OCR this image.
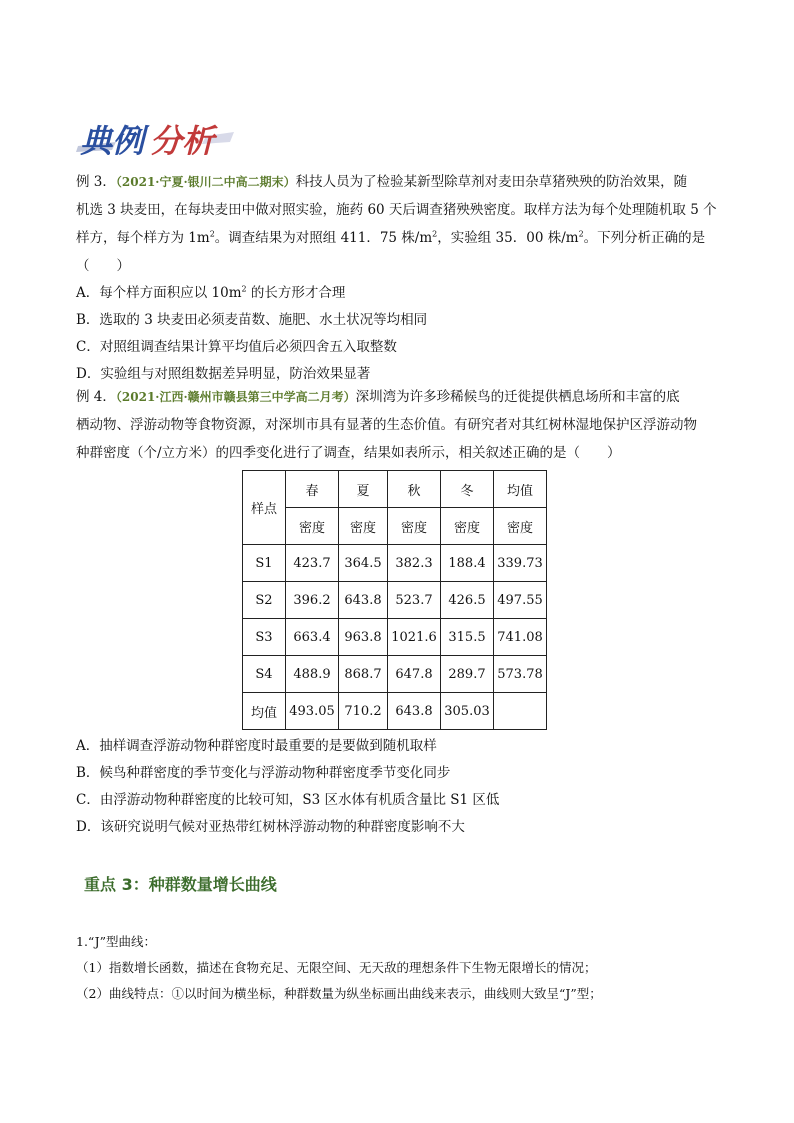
典例 分析
例 3．（2021·宁夏·银川二中高二期末）科技人员为了检验某新型除草剂对麦田杂草猪殃殃的防治效果，随
机选 3 块麦田，在每块麦田中做对照实验，施药 60 天后调查猪殃殃密度。取样方法为每个处理随机取 5 个
样方，每个样方为 $1m^2$。调查结果为对照组 411．75 株$/m^2$，实验组 35．00 株$/m^2$。下列分析正确的是
（　　）
A．每个样方面积应以 $10m^2$ 的长方形才合理
B．选取的 3 块麦田必须麦苗数、施肥、水土状况等均相同
C．对照组调查结果计算平均值后必须四舍五入取整数
D．实验组与对照组数据差异明显，防治效果显著
例 4．（2021·江西·赣州市赣县第三中学高二月考）深圳湾为许多珍稀候鸟的迁徙提供栖息场所和丰富的底
栖动物、浮游动物等食物资源，对深圳市具有显著的生态价值。有研究者对其红树林湿地保护区浮游动物
种群密度（个/立方米）的四季变化进行了调查，结果如表所示，相关叙述正确的是（　　）
样点	春	夏	秋	冬	均值
	密度	密度	密度	密度	密度
S1	423.7	364.5	382.3	188.4	339.73
S2	396.2	643.8	523.7	426.5	497.55
S3	663.4	963.8	1021.6	315.5	741.08
S4	488.9	868.7	647.8	289.7	573.78
均值	493.05	710.2	643.8	305.03	
A．抽样调查浮游动物种群密度时最重要的是要做到随机取样
B．候鸟种群密度的季节变化与浮游动物种群密度季节变化同步
C．由浮游动物种群密度的比较可知，S3 区水体有机质含量比 S1 区低
D．该研究说明气候对亚热带红树林浮游动物的种群密度影响不大
重点 3：种群数量增长曲线
1.“J”型曲线：
（1）指数增长函数，描述在食物充足、无限空间、无天敌的理想条件下生物无限增长的情况；
（2）曲线特点：①以时间为横坐标，种群数量为纵坐标画出曲线来表示，曲线则大致呈“J”型；
